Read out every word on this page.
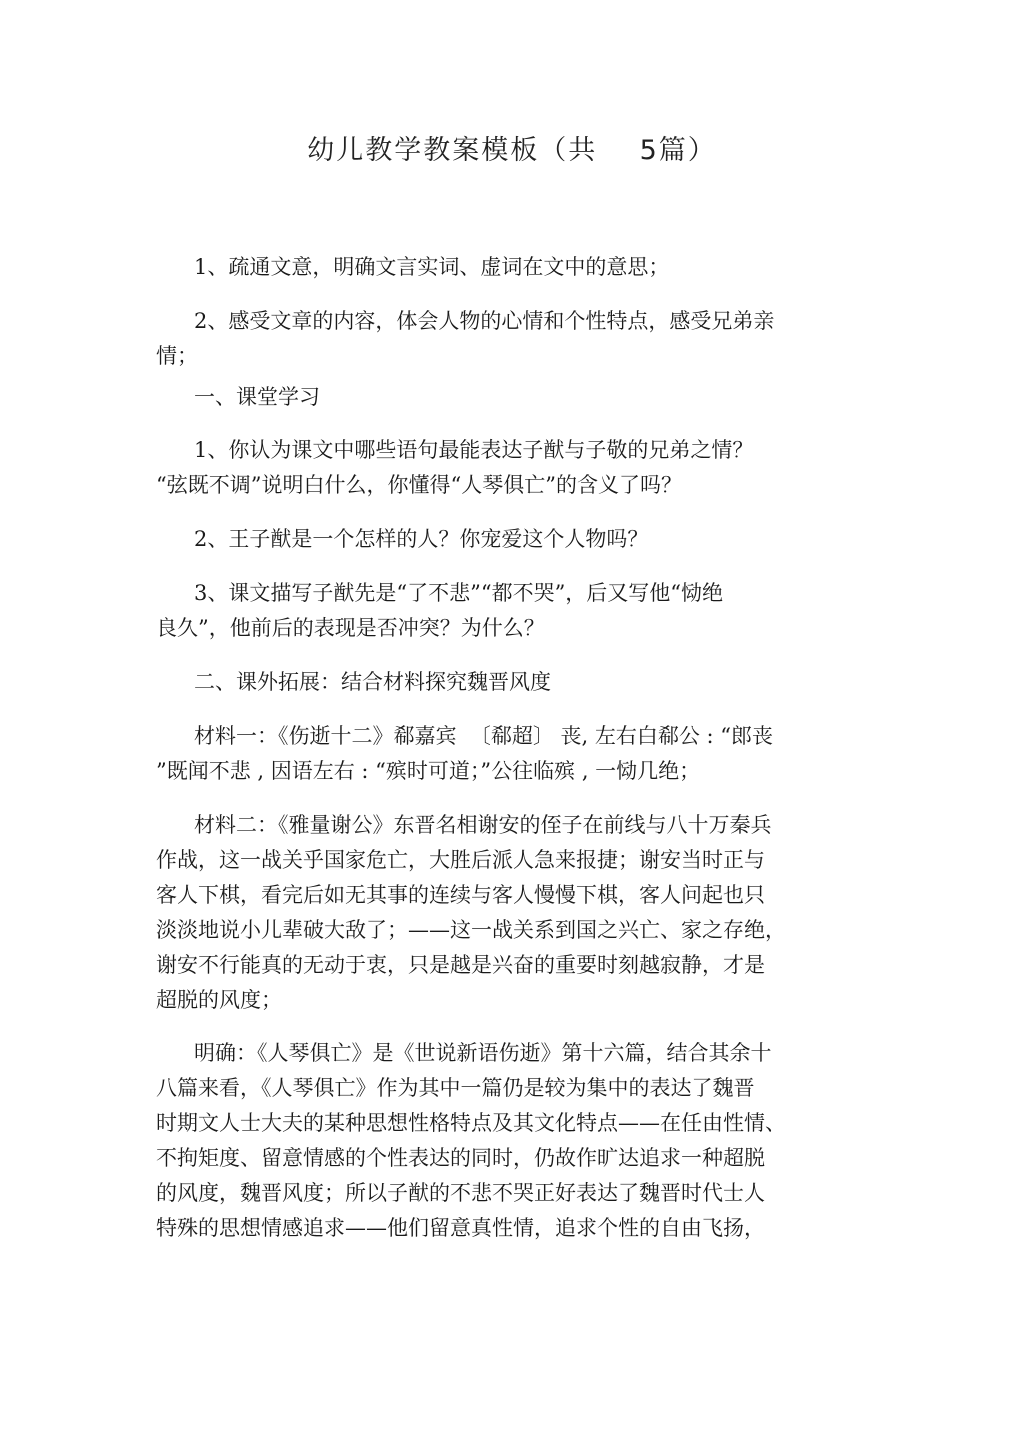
幼儿教学教案模板（共    5篇）
1、疏通文意，明确文言实词、虚词在文中的意思；
2、感受文章的内容，体会人物的心情和个性特点，感受兄弟亲
情；
一、课堂学习
1、你认为课文中哪些语句最能表达子猷与子敬的兄弟之情？
“弦既不调”说明白什么，你懂得“人琴俱亡”的含义了吗？
2、王子猷是一个怎样的人？你宠爱这个人物吗？
3、课文描写子猷先是“了不悲”“都不哭”，后又写他“恸绝
良久”，他前后的表现是否冲突？为什么？
二、课外拓展：结合材料探究魏晋风度
材料一：《伤逝十二》郗嘉宾  〔郗超〕 丧, 左右白郗公 : “郎丧
”既闻不悲 , 因语左右 : “殡时可道；”公往临殡 , 一恸几绝；
材料二：《雅量谢公》东晋名相谢安的侄子在前线与八十万秦兵
作战，这一战关乎国家危亡，大胜后派人急来报捷；谢安当时正与
客人下棋，看完后如无其事的连续与客人慢慢下棋，客人问起也只
淡淡地说小儿辈破大敌了；——这一战关系到国之兴亡、家之存绝，
谢安不行能真的无动于衷，只是越是兴奋的重要时刻越寂静，才是
超脱的风度；
明确：《人琴俱亡》是《世说新语伤逝》第十六篇，结合其余十
八篇来看，《人琴俱亡》作为其中一篇仍是较为集中的表达了魏晋
时期文人士大夫的某种思想性格特点及其文化特点——在任由性情、
不拘矩度、留意情感的个性表达的同时，仍故作旷达追求一种超脱
的风度，魏晋风度；所以子猷的不悲不哭正好表达了魏晋时代士人
特殊的思想情感追求——他们留意真性情，追求个性的自由飞扬，
